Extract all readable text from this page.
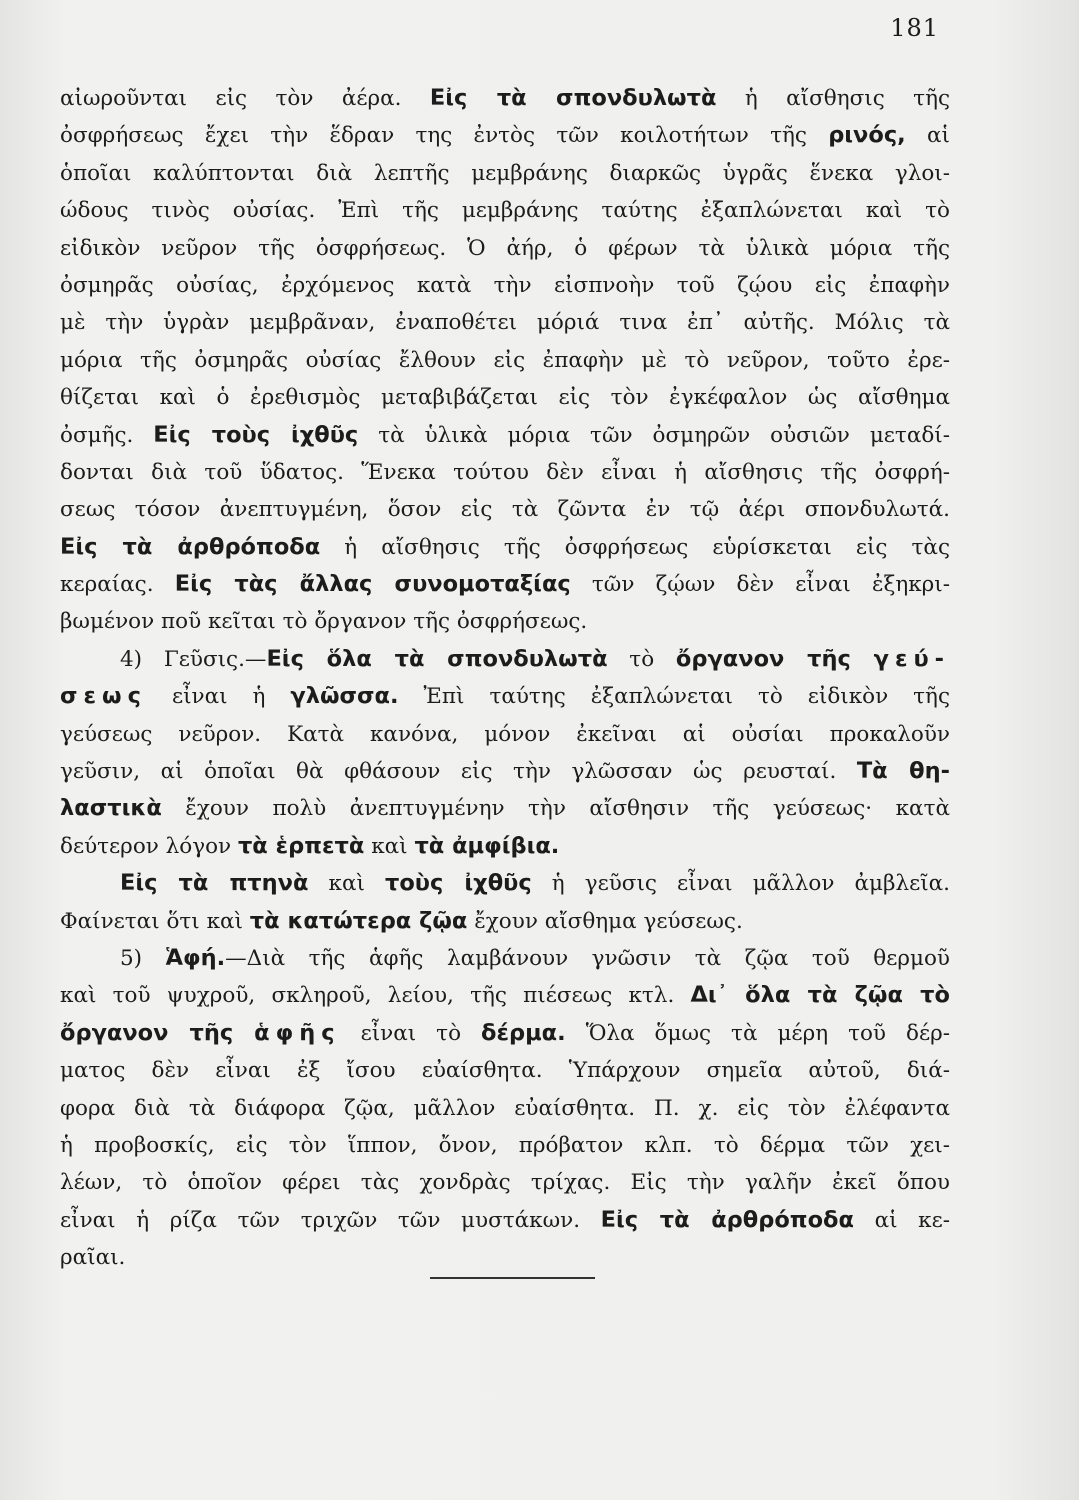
181
αἰωροῦνται εἰς τὸν ἀέρα. Εἰς τὰ σπονδυλωτὰ ἡ αἴσθησις τῆς
ὀσφρήσεως ἔχει τὴν ἕδραν της ἐντὸς τῶν κοιλοτήτων τῆς ρινός, αἱ
ὁποῖαι καλύπτονται διὰ λεπτῆς μεμβράνης διαρκῶς ὑγρᾶς ἕνεκα γλοι-
ώδους τινὸς οὐσίας. Ἐπὶ τῆς μεμβράνης ταύτης ἐξαπλώνεται καὶ τὸ
εἰδικὸν νεῦρον τῆς ὀσφρήσεως. Ὁ ἀήρ, ὁ φέρων τὰ ὑλικὰ μόρια τῆς
ὀσμηρᾶς οὐσίας, ἐρχόμενος κατὰ τὴν εἰσπνοὴν τοῦ ζῴου εἰς ἐπαφὴν
μὲ τὴν ὑγρὰν μεμβρᾶναν, ἐναποθέτει μόριά τινα ἐπ᾽ αὐτῆς. Μόλις τὰ
μόρια τῆς ὀσμηρᾶς οὐσίας ἔλθουν εἰς ἐπαφὴν μὲ τὸ νεῦρον, τοῦτο ἐρε-
θίζεται καὶ ὁ ἐρεθισμὸς μεταβιβάζεται εἰς τὸν ἐγκέφαλον ὡς αἴσθημα
ὀσμῆς. Εἰς τοὺς ἰχθῦς τὰ ὑλικὰ μόρια τῶν ὀσμηρῶν οὐσιῶν μεταδί-
δονται διὰ τοῦ ὕδατος. Ἕνεκα τούτου δὲν εἶναι ἡ αἴσθησις τῆς ὀσφρή-
σεως τόσον ἀνεπτυγμένη, ὅσον εἰς τὰ ζῶντα ἐν τῷ ἀέρι σπονδυλωτά.
Εἰς τὰ ἀρθρόποδα ἡ αἴσθησις τῆς ὀσφρήσεως εὑρίσκεται εἰς τὰς
κεραίας. Εἰς τὰς ἄλλας συνομοταξίας τῶν ζῴων δὲν εἶναι ἐξηκρι-
βωμένον ποῦ κεῖται τὸ ὄργανον τῆς ὀσφρήσεως.
4) Γεῦσις.—Εἰς ὅλα τὰ σπονδυλωτὰ τὸ ὄργανον τῆς γεύ-
σεως εἶναι ἡ γλῶσσα. Ἐπὶ ταύτης ἐξαπλώνεται τὸ εἰδικὸν τῆς
γεύσεως νεῦρον. Κατὰ κανόνα, μόνον ἐκεῖναι αἱ οὐσίαι προκαλοῦν
γεῦσιν, αἱ ὁποῖαι θὰ φθάσουν εἰς τὴν γλῶσσαν ὡς ρευσταί. Τὰ θη-
λαστικὰ ἔχουν πολὺ ἀνεπτυγμένην τὴν αἴσθησιν τῆς γεύσεως· κατὰ
δεύτερον λόγον τὰ ἑρπετὰ καὶ τὰ ἀμφίβια.
Εἰς τὰ πτηνὰ καὶ τοὺς ἰχθῦς ἡ γεῦσις εἶναι μᾶλλον ἀμβλεῖα.
Φαίνεται ὅτι καὶ τὰ κατώτερα ζῷα ἔχουν αἴσθημα γεύσεως.
5) Ἁφή.—Διὰ τῆς ἁφῆς λαμβάνουν γνῶσιν τὰ ζῷα τοῦ θερμοῦ
καὶ τοῦ ψυχροῦ, σκληροῦ, λείου, τῆς πιέσεως κτλ. Δι᾽ ὅλα τὰ ζῷα τὸ
ὄργανον τῆς ἁφῆς εἶναι τὸ δέρμα. Ὅλα ὅμως τὰ μέρη τοῦ δέρ-
ματος δὲν εἶναι ἐξ ἴσου εὐαίσθητα. Ὑπάρχουν σημεῖα αὐτοῦ, διά-
φορα διὰ τὰ διάφορα ζῷα, μᾶλλον εὐαίσθητα. Π. χ. εἰς τὸν ἐλέφαντα
ἡ προβοσκίς, εἰς τὸν ἵππον, ὄνον, πρόβατον κλπ. τὸ δέρμα τῶν χει-
λέων, τὸ ὁποῖον φέρει τὰς χονδρὰς τρίχας. Εἰς τὴν γαλῆν ἐκεῖ ὅπου
εἶναι ἡ ρίζα τῶν τριχῶν τῶν μυστάκων. Εἰς τὰ ἀρθρόποδα αἱ κε-
ραῖαι.
